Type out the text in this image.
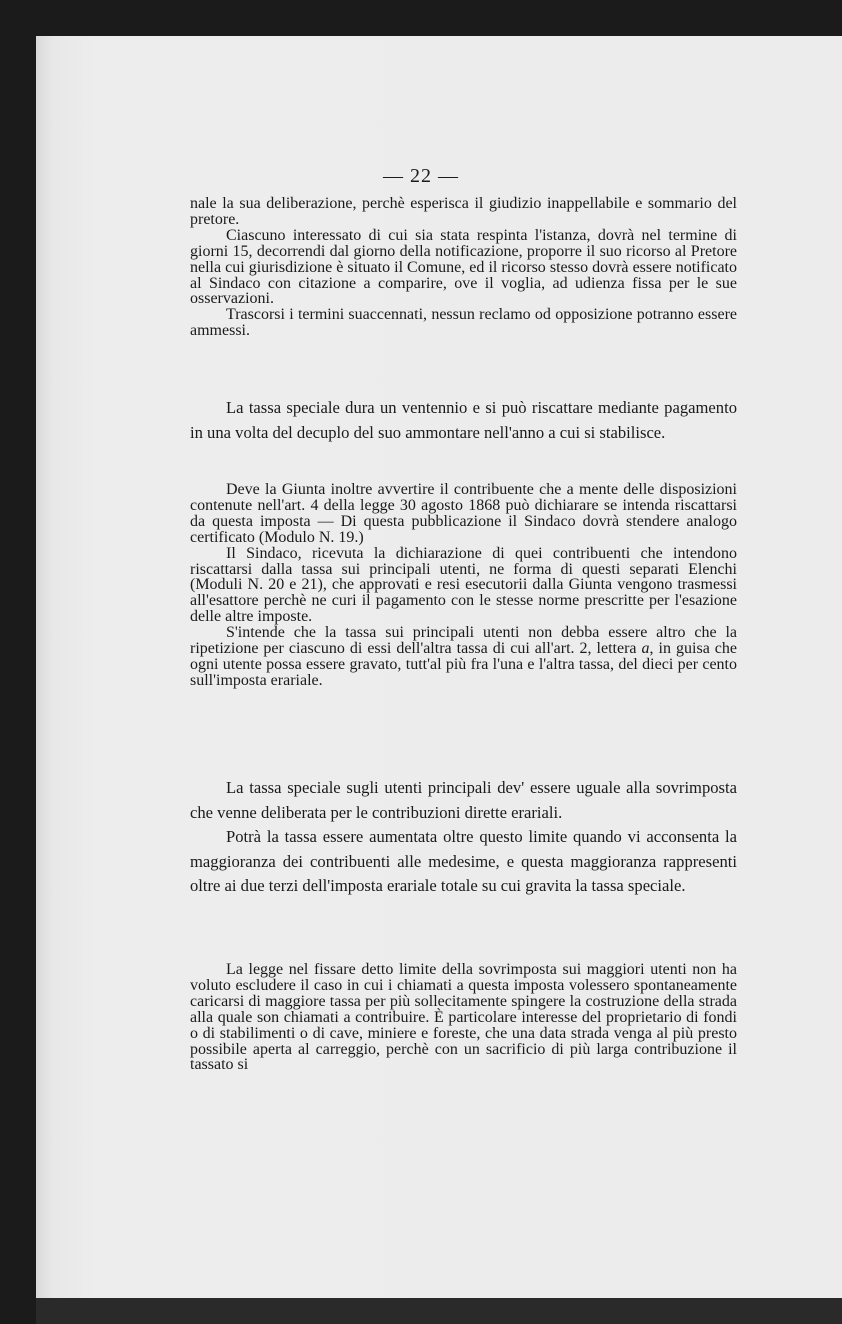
— 22 —

nale la sua deliberazione, perchè esperisca il giudizio inappellabile e sommario del pretore.

Ciascuno interessato di cui sia stata respinta l'istanza, dovrà nel termine di giorni 15, decorrendi dal giorno della notificazione, proporre il suo ricorso al Pretore nella cui giurisdizione è situato il Comune, ed il ricorso stesso dovrà essere notificato al Sindaco con citazione a comparire, ove il voglia, ad udienza fissa per le sue osservazioni.

Trascorsi i termini suaccennati, nessun reclamo od opposizione potranno essere ammessi.

La tassa speciale dura un ventennio e si può riscattare mediante pagamento in una volta del decuplo del suo ammontare nell'anno a cui si stabilisce.

Deve la Giunta inoltre avvertire il contribuente che a mente delle disposizioni contenute nell'art. 4 della legge 30 agosto 1868 può dichiarare se intenda riscattarsi da questa imposta — Di questa pubblicazione il Sindaco dovrà stendere analogo certificato (Modulo N. 19.)

Il Sindaco, ricevuta la dichiarazione di quei contribuenti che intendono riscattarsi dalla tassa sui principali utenti, ne forma di questi separati Elenchi (Moduli N. 20 e 21), che approvati e resi esecutorii dalla Giunta vengono trasmessi all'esattore perchè ne curi il pagamento con le stesse norme prescritte per l'esazione delle altre imposte.

S'intende che la tassa sui principali utenti non debba essere altro che la ripetizione per ciascuno di essi dell'altra tassa di cui all'art. 2, lettera a, in guisa che ogni utente possa essere gravato, tutt'al più fra l'una e l'altra tassa, del dieci per cento sull'imposta erariale.

La tassa speciale sugli utenti principali dev' essere uguale alla sovrimposta che venne deliberata per le contribuzioni dirette erariali.

Potrà la tassa essere aumentata oltre questo limite quando vi acconsenta la maggioranza dei contribuenti alle medesime, e questa maggioranza rappresenti oltre ai due terzi dell'imposta erariale totale su cui gravita la tassa speciale.

La legge nel fissare detto limite della sovrimposta sui maggiori utenti non ha voluto escludere il caso in cui i chiamati a questa imposta volessero spontaneamente caricarsi di maggiore tassa per più sollecitamente spingere la costruzione della strada alla quale son chiamati a contribuire. È particolare interesse del proprietario di fondi o di stabilimenti o di cave, miniere e foreste, che una data strada venga al più presto possibile aperta al carreggio, perchè con un sacrificio di più larga contribuzione il tassato si
